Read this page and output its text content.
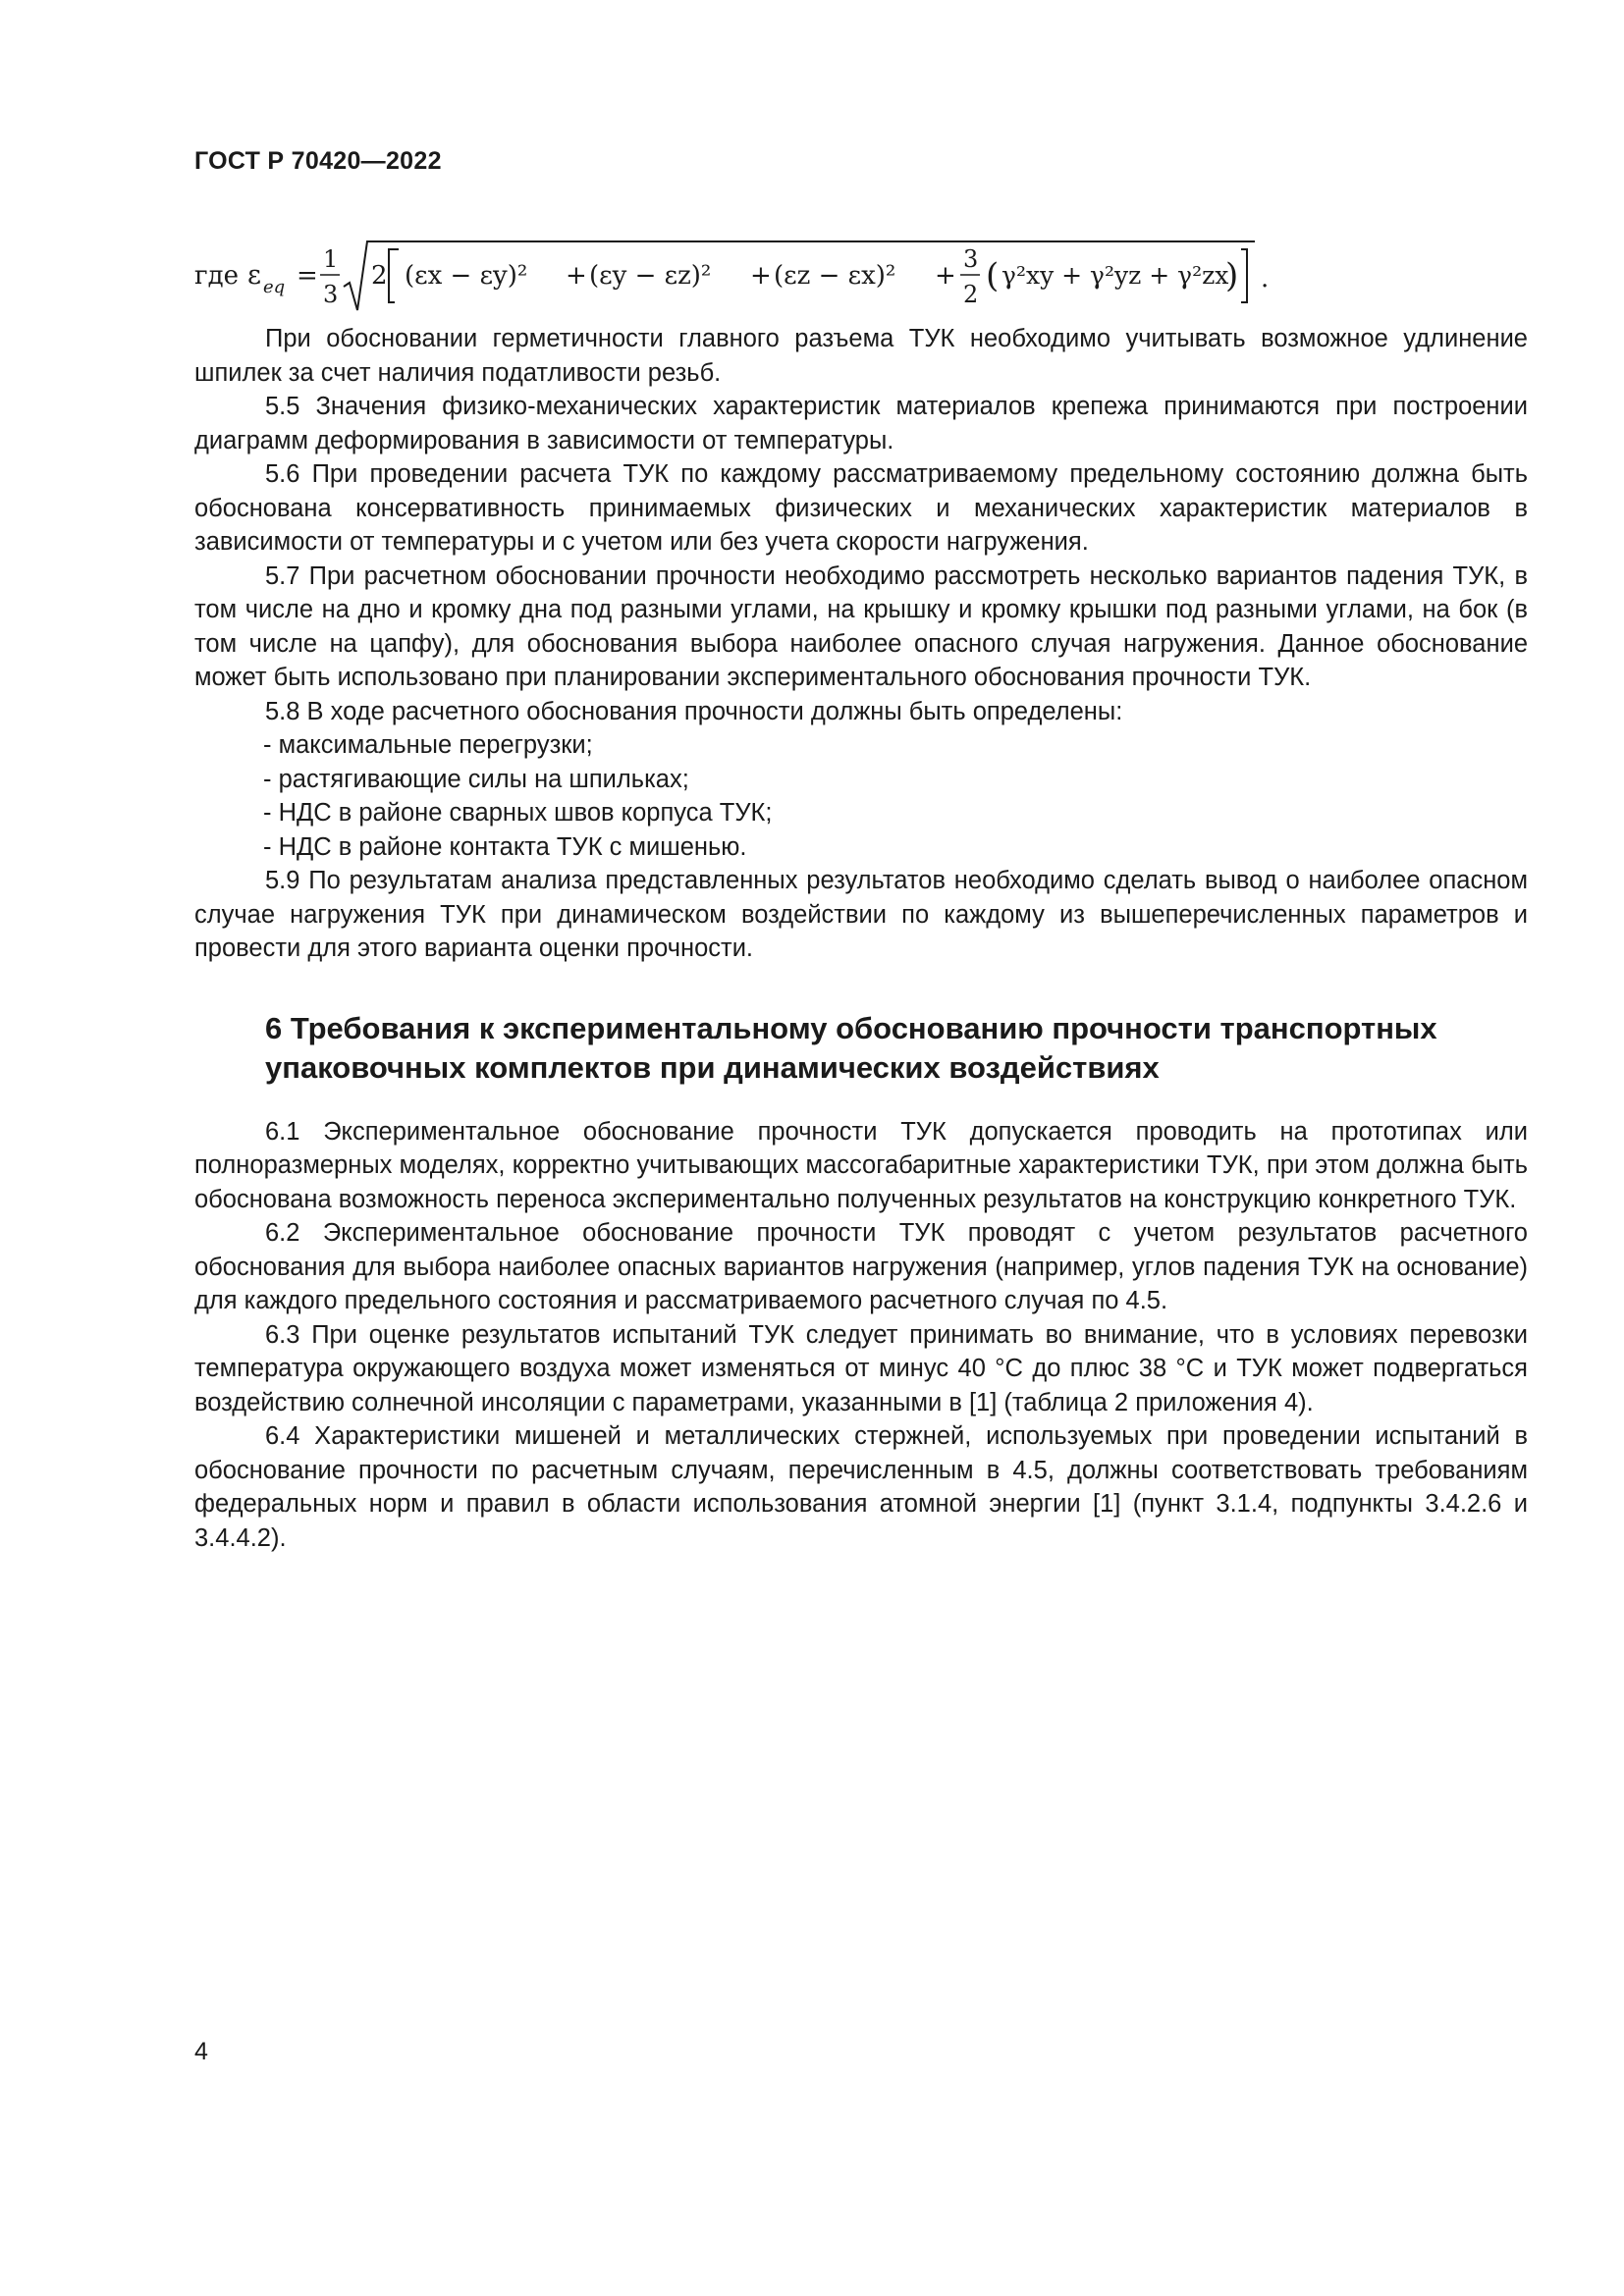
ГОСТ Р 70420—2022
где ε eq =
1
3
2 (εx − εy)² + (εy − εz)² + (εz − εx)² +
3
2 ( γ²xy + γ²yz + γ²zx
) .

При обосновании герметичности главного разъема ТУК необходимо учитывать возможное удлинение шпилек за счет наличия податливости резьб.

5.5 Значения физико-механических характеристик материалов крепежа принимаются при построении диаграмм деформирования в зависимости от температуры.

5.6 При проведении расчета ТУК по каждому рассматриваемому предельному состоянию должна быть обоснована консервативность принимаемых физических и механических характеристик материалов в зависимости от температуры и с учетом или без учета скорости нагружения.

5.7 При расчетном обосновании прочности необходимо рассмотреть несколько вариантов падения ТУК, в том числе на дно и кромку дна под разными углами, на крышку и кромку крышки под разными углами, на бок (в том числе на цапфу), для обоснования выбора наиболее опасного случая нагружения. Данное обоснование может быть использовано при планировании экспериментального обоснования прочности ТУК.

5.8 В ходе расчетного обоснования прочности должны быть определены:

- максимальные перегрузки;

- растягивающие силы на шпильках;

- НДС в районе сварных швов корпуса ТУК;

- НДС в районе контакта ТУК с мишенью.

5.9 По результатам анализа представленных результатов необходимо сделать вывод о наиболее опасном случае нагружения ТУК при динамическом воздействии по каждому из вышеперечисленных параметров и провести для этого варианта оценки прочности.

6 Требования к экспериментальному обоснованию прочности транспортных упаковочных комплектов при динамических воздействиях

6.1 Экспериментальное обоснование прочности ТУК допускается проводить на прототипах или полноразмерных моделях, корректно учитывающих массогабаритные характеристики ТУК, при этом должна быть обоснована возможность переноса экспериментально полученных результатов на конструкцию конкретного ТУК.

6.2 Экспериментальное обоснование прочности ТУК проводят с учетом результатов расчетного обоснования для выбора наиболее опасных вариантов нагружения (например, углов падения ТУК на основание) для каждого предельного состояния и рассматриваемого расчетного случая по 4.5.

6.3 При оценке результатов испытаний ТУК следует принимать во внимание, что в условиях перевозки температура окружающего воздуха может изменяться от минус 40 °С до плюс 38 °С и ТУК может подвергаться воздействию солнечной инсоляции с параметрами, указанными в [1] (таблица 2 приложения 4).

6.4 Характеристики мишеней и металлических стержней, используемых при проведении испытаний в обоснование прочности по расчетным случаям, перечисленным в 4.5, должны соответствовать требованиям федеральных норм и правил в области использования атомной энергии [1] (пункт 3.1.4, подпункты 3.4.2.6 и 3.4.4.2).

4
